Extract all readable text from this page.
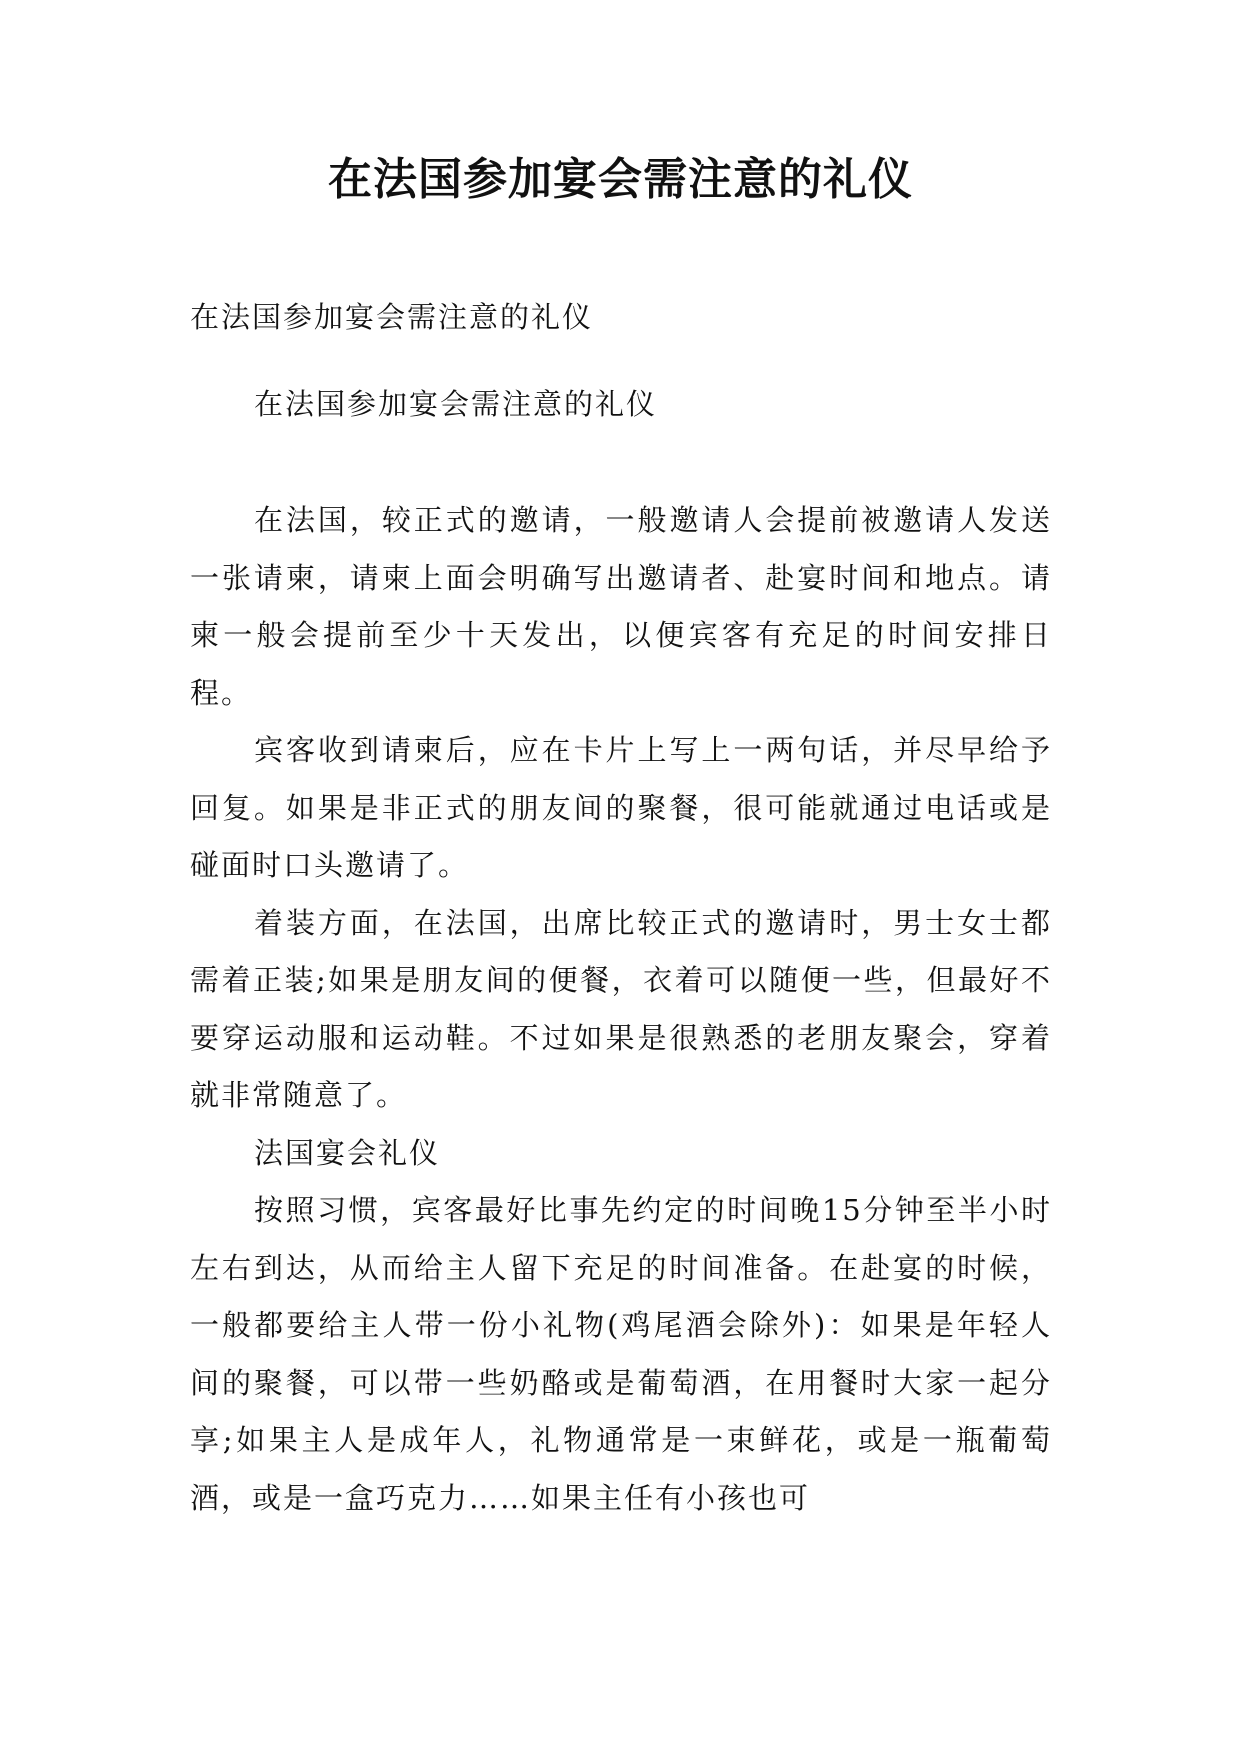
在法国参加宴会需注意的礼仪

在法国参加宴会需注意的礼仪

在法国参加宴会需注意的礼仪

在法国，较正式的邀请，一般邀请人会提前被邀请人发送一张请柬，请柬上面会明确写出邀请者、赴宴时间和地点。请柬一般会提前至少十天发出，以便宾客有充足的时间安排日程。

宾客收到请柬后，应在卡片上写上一两句话，并尽早给予回复。如果是非正式的朋友间的聚餐，很可能就通过电话或是碰面时口头邀请了。

着装方面，在法国，出席比较正式的邀请时，男士女士都需着正装;如果是朋友间的便餐，衣着可以随便一些，但最好不要穿运动服和运动鞋。不过如果是很熟悉的老朋友聚会，穿着就非常随意了。

法国宴会礼仪

按照习惯，宾客最好比事先约定的时间晚15分钟至半小时左右到达，从而给主人留下充足的时间准备。在赴宴的时候，一般都要给主人带一份小礼物(鸡尾酒会除外)：如果是年轻人间的聚餐，可以带一些奶酪或是葡萄酒，在用餐时大家一起分享;如果主人是成年人，礼物通常是一束鲜花，或是一瓶葡萄酒，或是一盒巧克力……如果主任有小孩也可
